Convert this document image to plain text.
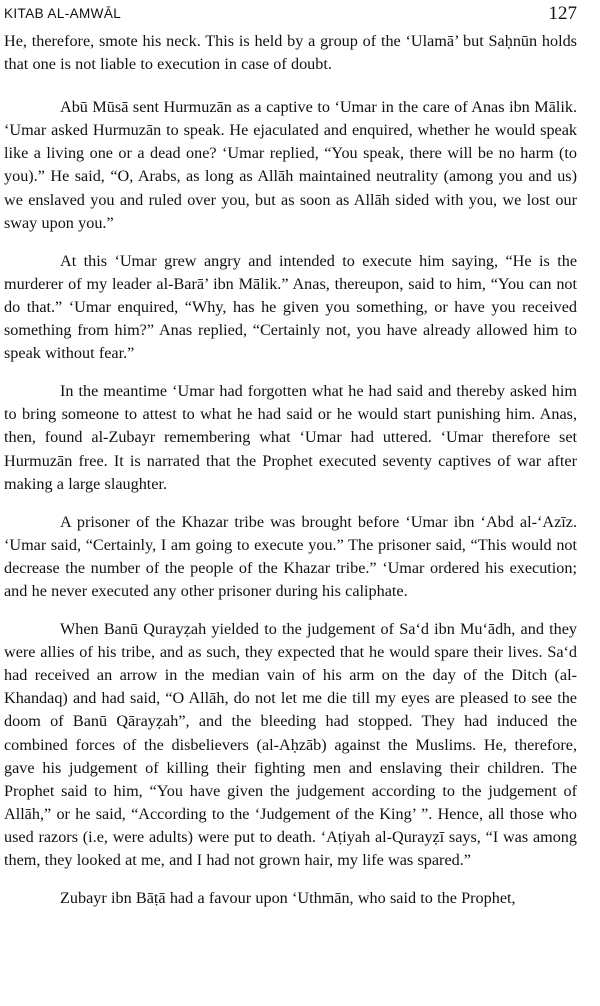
KITAB AL-AMWĀL	127

He, therefore, smote his neck. This is held by a group of the ‘Ulamā’ but Saḥnūn holds that one is not liable to execution in case of doubt.

Abū Mūsā sent Hurmuzān as a captive to ‘Umar in the care of Anas ibn Mālik. ‘Umar asked Hurmuzān to speak. He ejaculated and enquired, whether he would speak like a living one or a dead one? ‘Umar replied, “You speak, there will be no harm (to you).” He said, “O, Arabs, as long as Allāh maintained neutrality (among you and us) we enslaved you and ruled over you, but as soon as Allāh sided with you, we lost our sway upon you.”

At this ‘Umar grew angry and intended to execute him saying, “He is the murderer of my leader al-Barā’ ibn Mālik.” Anas, thereupon, said to him, “You can not do that.” ‘Umar enquired, “Why, has he given you something, or have you received something from him?” Anas replied, “Certainly not, you have already allowed him to speak without fear.”

In the meantime ‘Umar had forgotten what he had said and thereby asked him to bring someone to attest to what he had said or he would start punishing him. Anas, then, found al-Zubayr remembering what ‘Umar had uttered. ‘Umar therefore set Hurmuzān free. It is narrated that the Prophet executed seventy captives of war after making a large slaughter.

A prisoner of the Khazar tribe was brought before ‘Umar ibn ‘Abd al-‘Azīz. ‘Umar said, “Certainly, I am going to execute you.” The prisoner said, “This would not decrease the number of the people of the Khazar tribe.” ‘Umar ordered his execution; and he never executed any other prisoner during his caliphate.

When Banū Qurayẓah yielded to the judgement of Sa‘d ibn Mu‘ādh, and they were allies of his tribe, and as such, they expected that he would spare their lives. Sa‘d had received an arrow in the median vain of his arm on the day of the Ditch (al-Khandaq) and had said, “O Allāh, do not let me die till my eyes are pleased to see the doom of Banū Qārayẓah”, and the bleeding had stopped. They had induced the combined forces of the disbelievers (al-Aḥzāb) against the Muslims. He, therefore, gave his judgement of killing their fighting men and enslaving their children. The Prophet said to him, “You have given the judgement according to the judgement of Allāh,” or he said, “According to the ‘Judgement of the King’ ”. Hence, all those who used razors (i.e, were adults) were put to death. ‘Aṭiyah al-Qurayẓī says, “I was among them, they looked at me, and I had not grown hair, my life was spared.”

Zubayr ibn Bāṭā had a favour upon ‘Uthmān, who said to the Prophet,
